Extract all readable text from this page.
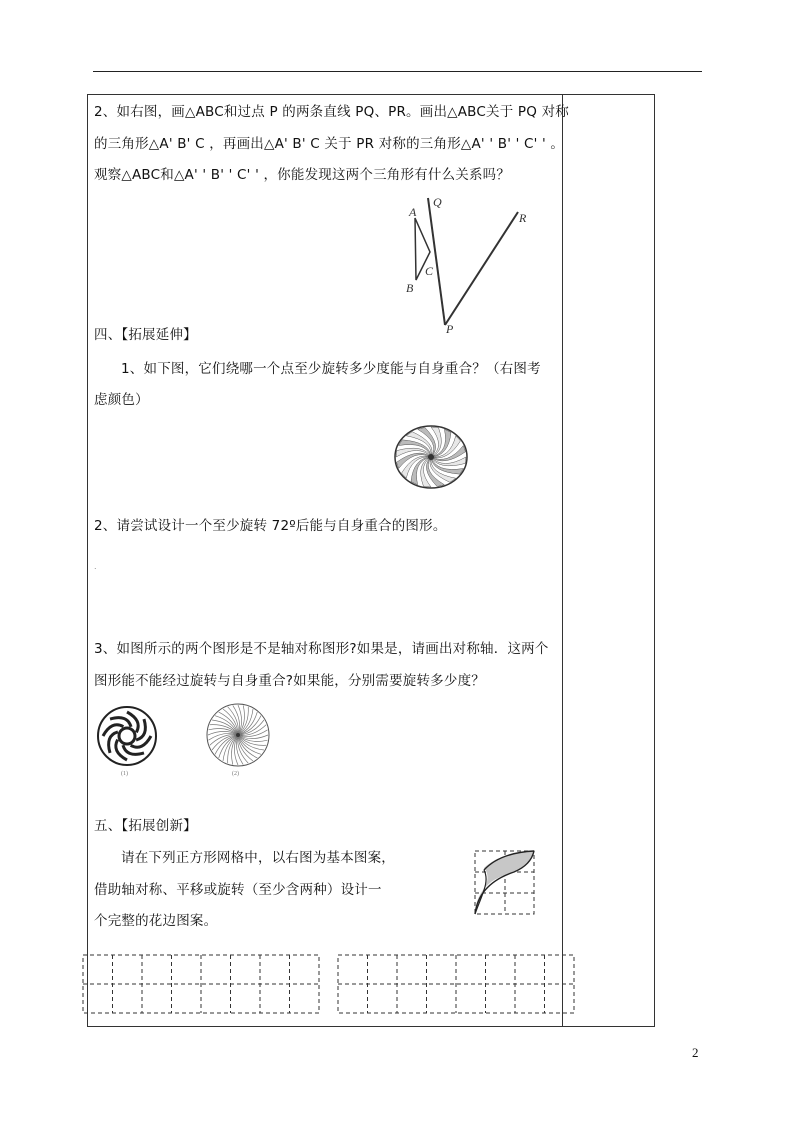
2、如右图，画△ABC和过点 P 的两条直线 PQ、PR。画出△ABC关于 PQ 对称
的三角形△A' B' C ，再画出△A' B' C 关于 PR 对称的三角形△A' ' B' ' C' ' 。
观察△ABC和△A' ' B' ' C' ' ，你能发现这两个三角形有什么关系吗？
A
B
C
Q
R
P
四、【拓展延伸】
1、如下图，它们绕哪一个点至少旋转多少度能与自身重合？（右图考
虑颜色）
2、请尝试设计一个至少旋转 72º后能与自身重合的图形。
.
3、如图所示的两个图形是不是轴对称图形?如果是，请画出对称轴．这两个
图形能不能经过旋转与自身重合?如果能，分别需要旋转多少度？
(1)	(2)
五、【拓展创新】
请在下列正方形网格中，以右图为基本图案，
借助轴对称、平移或旋转（至少含两种）设计一
个完整的花边图案。
2
